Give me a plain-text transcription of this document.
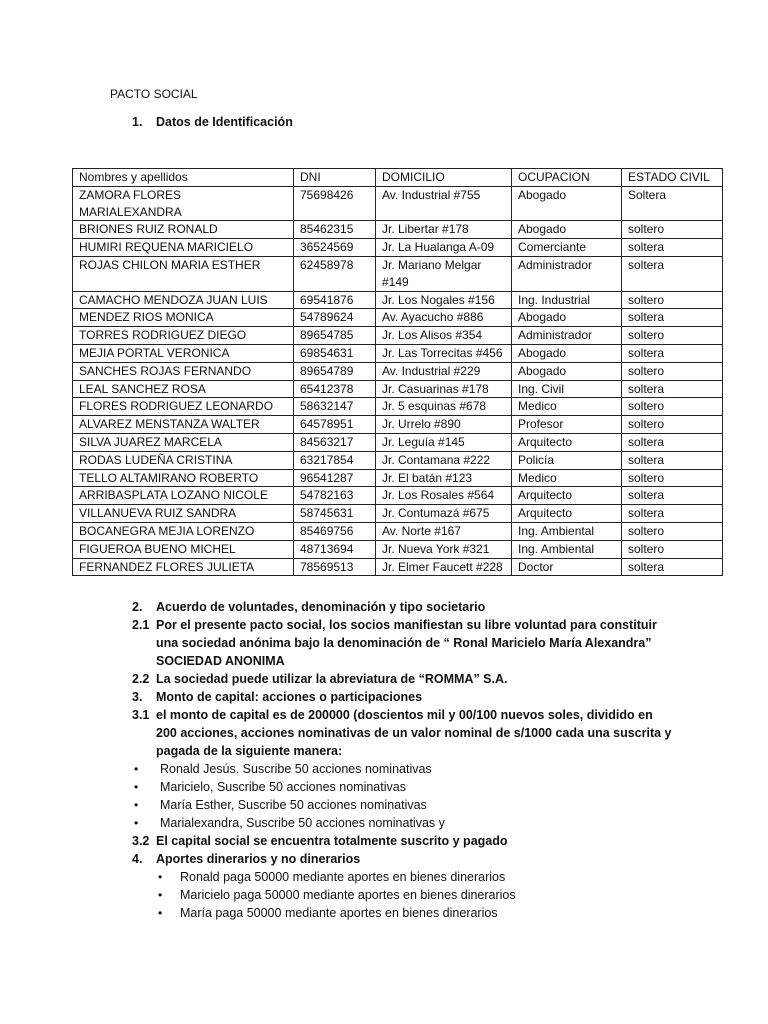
PACTO SOCIAL
1. Datos de Identificación
Nombres y apellidos	DNI	DOMICILIO	OCUPACION	ESTADO CIVIL
ZAMORA FLORES MARIALEXANDRA	75698426	Av. Industrial #755	Abogado	Soltera
BRIONES RUIZ RONALD	85462315	Jr. Libertar #178	Abogado	soltero
HUMIRI REQUENA MARICIELO	36524569	Jr. La Hualanga A-09	Comerciante	soltera
ROJAS CHILON MARIA ESTHER	62458978	Jr. Mariano Melgar #149	Administrador	soltera
CAMACHO MENDOZA JUAN LUIS	69541876	Jr. Los Nogales #156	Ing. Industrial	soltero
MENDEZ RIOS MONICA	54789624	Av. Ayacucho #886	Abogado	soltera
TORRES RODRIGUEZ DIEGO	89654785	Jr. Los Alisos #354	Administrador	soltero
MEJIA PORTAL VERONICA	69854631	Jr. Las Torrecitas #456	Abogado	soltera
SANCHES ROJAS FERNANDO	89654789	Av. Industrial #229	Abogado	soltero
LEAL SANCHEZ ROSA	65412378	Jr. Casuarinas #178	Ing. Civil	soltera
FLORES RODRIGUEZ LEONARDO	58632147	Jr. 5 esquinas #678	Medico	soltero
ALVAREZ MENSTANZA WALTER	64578951	Jr. Urrelo #890	Profesor	soltero
SILVA JUAREZ MARCELA	84563217	Jr. Leguía #145	Arquitecto	soltera
RODAS LUDEÑA CRISTINA	63217854	Jr. Contamana #222	Policía	soltera
TELLO ALTAMIRANO ROBERTO	96541287	Jr. El batán #123	Medico	soltero
ARRIBASPLATA LOZANO NICOLE	54782163	Jr. Los Rosales #564	Arquitecto	soltera
VILLANUEVA RUIZ SANDRA	58745631	Jr. Contumazá #675	Arquitecto	soltera
BOCANEGRA MEJIA LORENZO	85469756	Av. Norte #167	Ing. Ambiental	soltero
FIGUEROA BUENO MICHEL	48713694	Jr. Nueva York #321	Ing. Ambiental	soltero
FERNANDEZ FLORES JULIETA	78569513	Jr. Elmer Faucett #228	Doctor	soltera
2. Acuerdo de voluntades, denominación y tipo societario
2.1 Por el presente pacto social, los socios manifiestan su libre voluntad para constituir
una sociedad anónima bajo la denominación de “ Ronal Maricielo María Alexandra”
SOCIEDAD ANONIMA
2.2 La sociedad puede utilizar la abreviatura de “ROMMA” S.A.
3. Monto de capital: acciones o participaciones
3.1 el monto de capital es de 200000 (doscientos mil y 00/100 nuevos soles, dividido en
200 acciones, acciones nominativas de un valor nominal de s/1000 cada una suscrita y
pagada de la siguiente manera:
• Ronald Jesús. Suscribe 50 acciones nominativas
• Maricielo, Suscribe 50 acciones nominativas
• María Esther, Suscribe 50 acciones nominativas
• Marialexandra, Suscribe 50 acciones nominativas y
3.2 El capital social se encuentra totalmente suscrito y pagado
4. Aportes dinerarios y no dinerarios
• Ronald paga 50000 mediante aportes en bienes dinerarios
• Maricielo paga 50000 mediante aportes en bienes dinerarios
• María paga 50000 mediante aportes en bienes dinerarios
